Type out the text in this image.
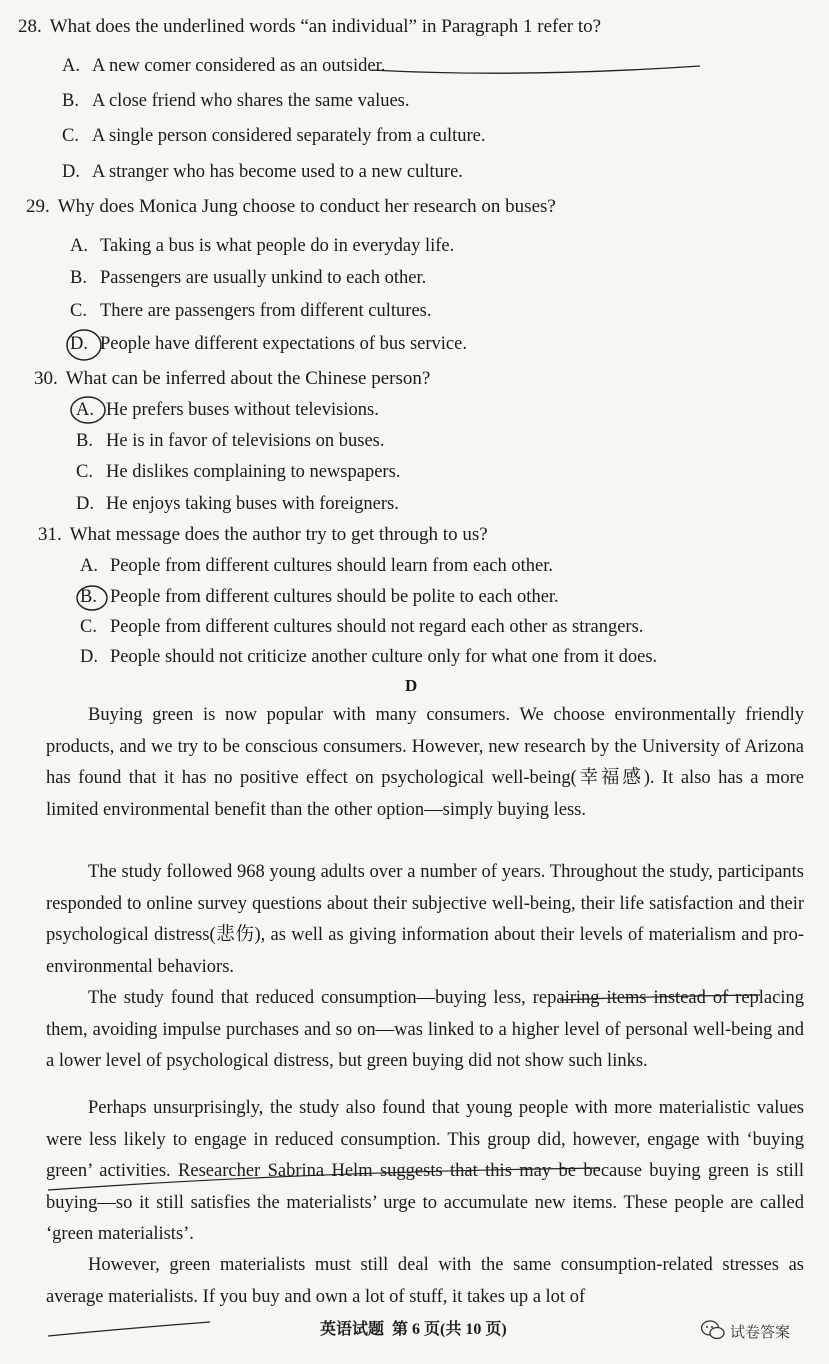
28. What does the underlined words “an individual” in Paragraph 1 refer to?
A. A new comer considered as an outsider.
B. A close friend who shares the same values.
C. A single person considered separately from a culture.
D. A stranger who has become used to a new culture.
29. Why does Monica Jung choose to conduct her research on buses?
A. Taking a bus is what people do in everyday life.
B. Passengers are usually unkind to each other.
C. There are passengers from different cultures.
D. People have different expectations of bus service.
30. What can be inferred about the Chinese person?
A. He prefers buses without televisions.
B. He is in favor of televisions on buses.
C. He dislikes complaining to newspapers.
D. He enjoys taking buses with foreigners.
31. What message does the author try to get through to us?
A. People from different cultures should learn from each other.
B. People from different cultures should be polite to each other.
C. People from different cultures should not regard each other as strangers.
D. People should not criticize another culture only for what one from it does.
D
Buying green is now popular with many consumers. We choose environmentally friendly products, and we try to be conscious consumers. However, new research by the University of Arizona has found that it has no positive effect on psychological well-being(幸福感). It also has a more limited environmental benefit than the other option—simply buying less.
The study followed 968 young adults over a number of years. Throughout the study, participants responded to online survey questions about their subjective well-being, their life satisfaction and their psychological distress(悲伤), as well as giving information about their levels of materialism and pro-environmental behaviors.
The study found that reduced consumption—buying less, repairing items instead of replacing them, avoiding impulse purchases and so on—was linked to a higher level of personal well-being and a lower level of psychological distress, but green buying did not show such links.
Perhaps unsurprisingly, the study also found that young people with more materialistic values were less likely to engage in reduced consumption. This group did, however, engage with ‘buying green’ activities. Researcher Sabrina Helm suggests that this may be because buying green is still buying—so it still satisfies the materialists’ urge to accumulate new items. These people are called ‘green materialists’.
However, green materialists must still deal with the same consumption-related stresses as average materialists. If you buy and own a lot of stuff, it takes up a lot of
英语试题 第 6 页(共 10 页)	试卷答案
